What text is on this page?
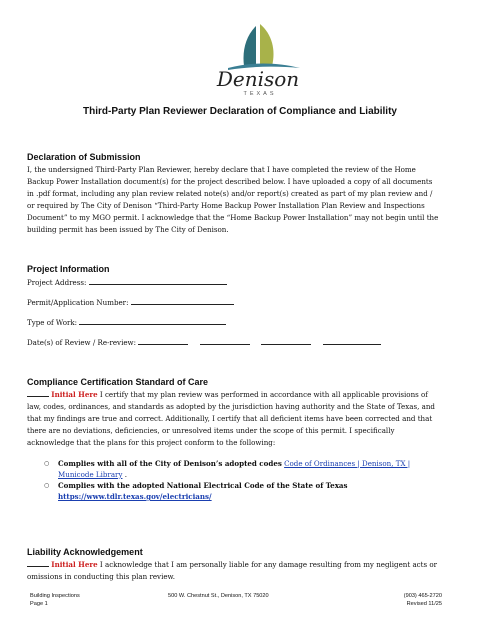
Denison
TEXAS
Third-Party Plan Reviewer Declaration of Compliance and Liability
Declaration of Submission
I, the undersigned Third-Party Plan Reviewer, hereby declare that I have completed the review of the Home
Backup Power Installation document(s) for the project described below. I have uploaded a copy of all documents
in .pdf format, including any plan review related note(s) and/or report(s) created as part of my plan review and /
or required by The City of Denison “Third-Party Home Backup Power Installation Plan Review and Inspections
Document” to my MGO permit. I acknowledge that the “Home Backup Power Installation” may not begin until the
building permit has been issued by The City of Denison.
Project Information
Project Address:
Permit/Application Number:
Type of Work:
Date(s) of Review / Re-review:
Compliance Certification Standard of Care
Initial Here I certify that my plan review was performed in accordance with all applicable provisions of
law, codes, ordinances, and standards as adopted by the jurisdiction having authority and the State of Texas, and
that my findings are true and correct. Additionally, I certify that all deficient items have been corrected and that
there are no deviations, deficiencies, or unresolved items under the scope of this permit. I specifically
acknowledge that the plans for this project conform to the following:
○ Complies with all of the City of Denison’s adopted codes Code of Ordinances | Denison, TX |
Municode Library .
○ Complies with the adopted National Electrical Code of the State of Texas
https://www.tdlr.texas.gov/electricians/
Liability Acknowledgement
Initial Here I acknowledge that I am personally liable for any damage resulting from my negligent acts or
omissions in conducting this plan review.
Building Inspections
Page 1
500 W. Chestnut St., Denison, TX 75020	(903) 465-2720
Revised 11/25
